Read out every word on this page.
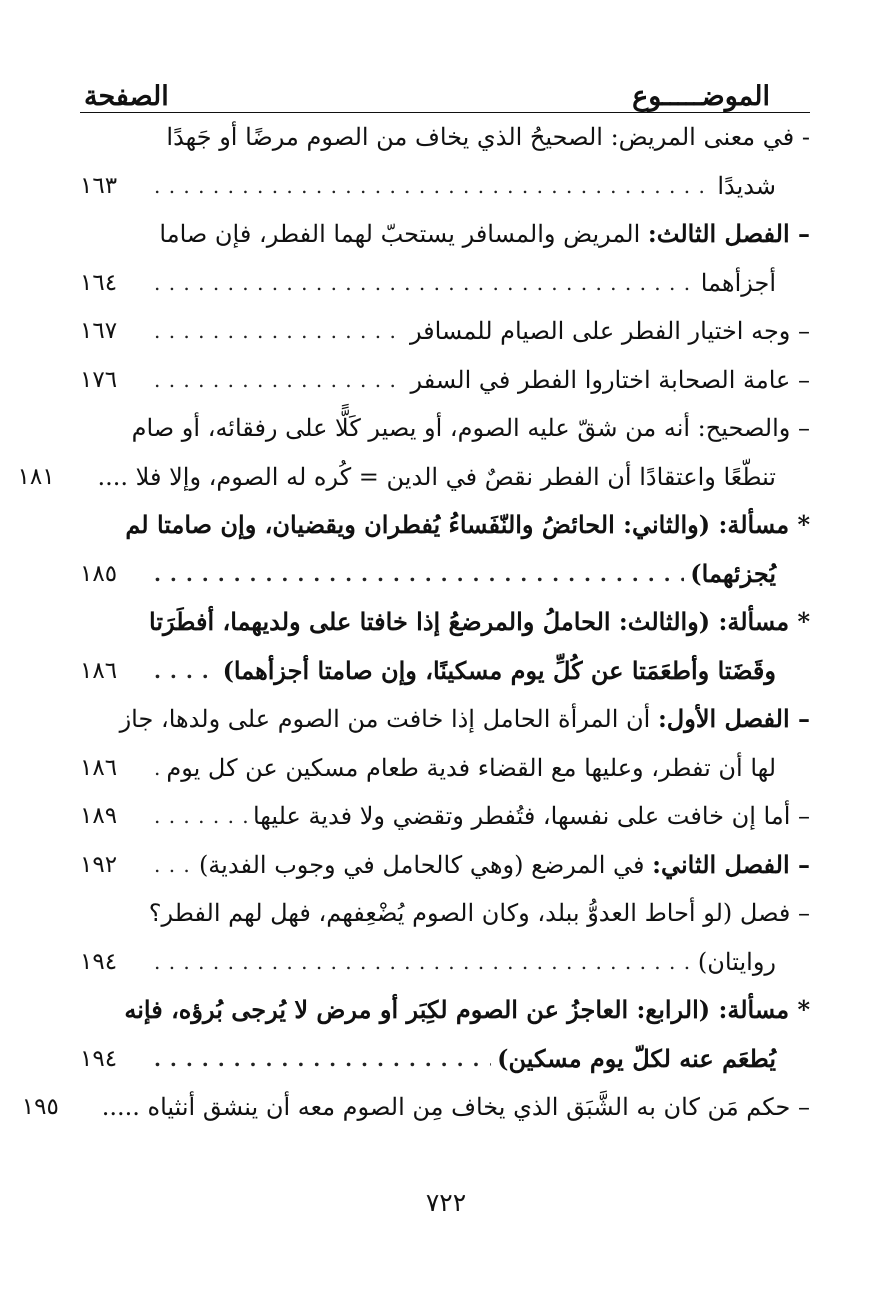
الموضـــــوع
الصفحة
- في معنى المريض: الصحيحُ الذي يخاف من الصوم مرضًا أو جَهدًا
شديدًا
. . .
١٦٣
– الفصل الثالث: المريض والمسافر يستحبّ لهما الفطر، فإن صاما
أجزأهما
. . .
١٦٤
– وجه اختيار الفطر على الصيام للمسافر
. . .
١٦٧
– عامة الصحابة اختاروا الفطر في السفر
. . .
١٧٦
– والصحيح: أنه من شقّ عليه الصوم، أو يصير كَلًّا على رفقائه، أو صام
تنطّعًا واعتقادًا أن الفطر نقصٌ في الدين = كُره له الصوم، وإلا فلا ....
١٨١
* مسألة: (والثاني: الحائضُ والنّفَساءُ يُفطران ويقضيان، وإن صامتا لم
يُجزئهما)
. . .
١٨٥
* مسألة: (والثالث: الحاملُ والمرضعُ إذا خافتا على ولديهما، أفطَرَتا
وقَضَتا وأطعَمَتا عن كُلِّ يوم مسكينًا، وإن صامتا أجزأهما)
. . .
١٨٦
– الفصل الأول: أن المرأة الحامل إذا خافت من الصوم على ولدها، جاز
لها أن تفطر، وعليها مع القضاء فدية طعام مسكين عن كل يوم
. . .
١٨٦
– أما إن خافت على نفسها، فتُفطر وتقضي ولا فدية عليها
. . .
١٨٩
– الفصل الثاني: في المرضع (وهي كالحامل في وجوب الفدية)
. . .
١٩٢
– فصل (لو أحاط العدوُّ ببلد، وكان الصوم يُضْعِفهم، فهل لهم الفطر؟
روايتان)
. . .
١٩٤
* مسألة: (الرابع: العاجزُ عن الصوم لكِبَر أو مرض لا يُرجى بُرؤه، فإنه
يُطعَم عنه لكلّ يوم مسكين)
. . .
١٩٤
– حكم مَن كان به الشَّبَق الذي يخاف مِن الصوم معه أن ينشق أنثياه .....
١٩٥
٧٢٢
